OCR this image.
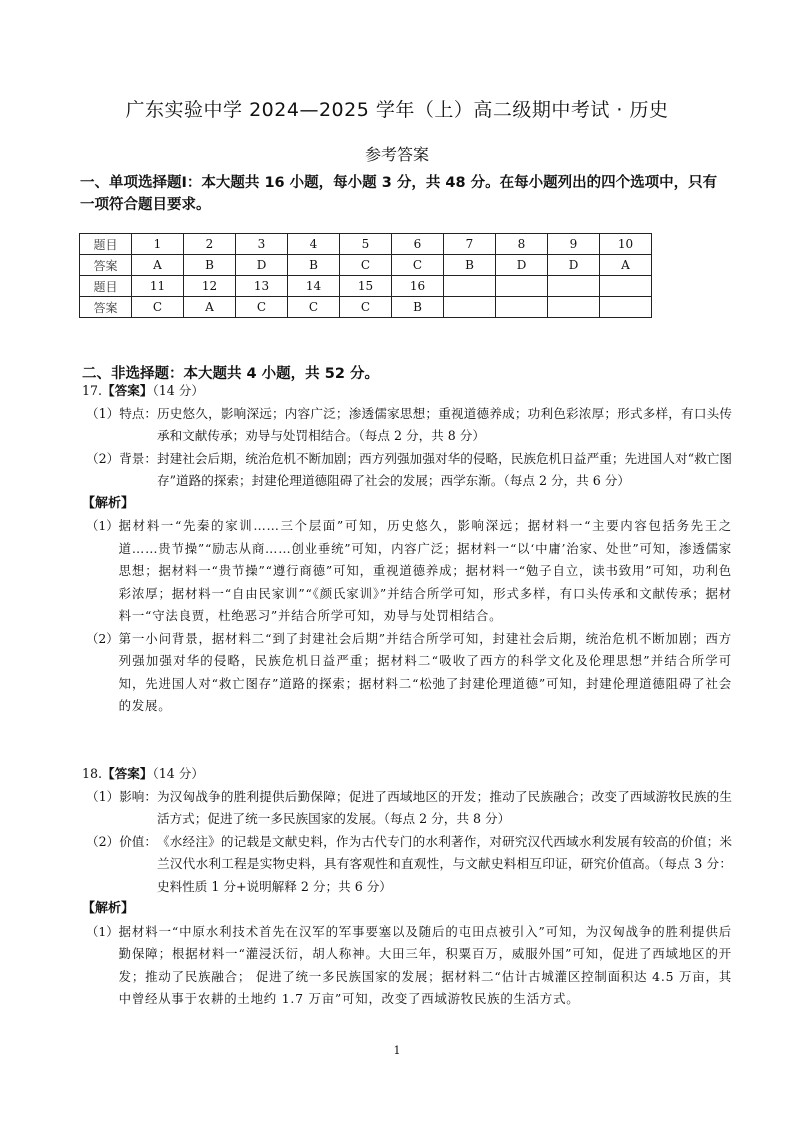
广东实验中学 2024—2025 学年（上）高二级期中考试 · 历史
参考答案
一、单项选择题Ⅰ：本大题共 16 小题，每小题 3 分，共 48 分。在每小题列出的四个选项中，只有一项符合题目要求。
题目	1	2	3	4	5	6	7	8	9	10
答案	A	B	D	B	C	C	B	D	D	A
题目	11	12	13	14	15	16				
答案	C	A	C	C	C	B				
二、非选择题：本大题共 4 小题，共 52 分。
17.【答案】（14 分）
（1）特点： 历史悠久，影响深远；内容广泛；渗透儒家思想；重视道德养成；功利色彩浓厚；形式多样，有口头传承和文献传承；劝导与处罚相结合。（每点 2 分，共 8 分）
（2）背景： 封建社会后期，统治危机不断加剧；西方列强加强对华的侵略，民族危机日益严重；先进国人对“救亡图存”道路的探索；封建伦理道德阻碍了社会的发展；西学东渐。（每点 2 分，共 6 分）
【解析】
（1） 据材料一“先秦的家训……三个层面”可知，历史悠久，影响深远；据材料一“主要内容包括务先王之道……贵节操”“励志从商……创业垂统”可知，内容广泛；据材料一“以‘中庸’治家、处世”可知，渗透儒家思想；据材料一“贵节操”“遵行商德”可知，重视道德养成；据材料一“勉子自立，读书致用”可知，功利色彩浓厚；据材料一“自由民家训”“《颜氏家训》”并结合所学可知，形式多样，有口头传承和文献传承；据材料一“守法良贾，杜绝恶习”并结合所学可知，劝导与处罚相结合。
（2） 第一小问背景，据材料二“到了封建社会后期”并结合所学可知，封建社会后期，统治危机不断加剧；西方列强加强对华的侵略，民族危机日益严重；据材料二“吸收了西方的科学文化及伦理思想”并结合所学可知，先进国人对“救亡图存”道路的探索；据材料二“松弛了封建伦理道德”可知，封建伦理道德阻碍了社会的发展。
18.【答案】（14 分）
（1）影响： 为汉匈战争的胜利提供后勤保障；促进了西域地区的开发；推动了民族融合；改变了西域游牧民族的生活方式；促进了统一多民族国家的发展。（每点 2 分，共 8 分）
（2）价值： 《水经注》的记载是文献史料，作为古代专门的水利著作，对研究汉代西域水利发展有较高的价值；米兰汉代水利工程是实物史料，具有客观性和直观性，与文献史料相互印证，研究价值高。（每点 3 分：史料性质 1 分+说明解释 2 分；共 6 分）
【解析】
（1） 据材料一“中原水利技术首先在汉军的军事要塞以及随后的屯田点被引入”可知，为汉匈战争的胜利提供后勤保障；根据材料一“灌浸沃衍，胡人称神。大田三年，积粟百万，威服外国”可知，促进了西域地区的开发；推动了民族融合； 促进了统一多民族国家的发展；据材料二“估计古城灌区控制面积达 4.5 万亩，其中曾经从事于农耕的土地约 1.7 万亩”可知，改变了西域游牧民族的生活方式。
1
